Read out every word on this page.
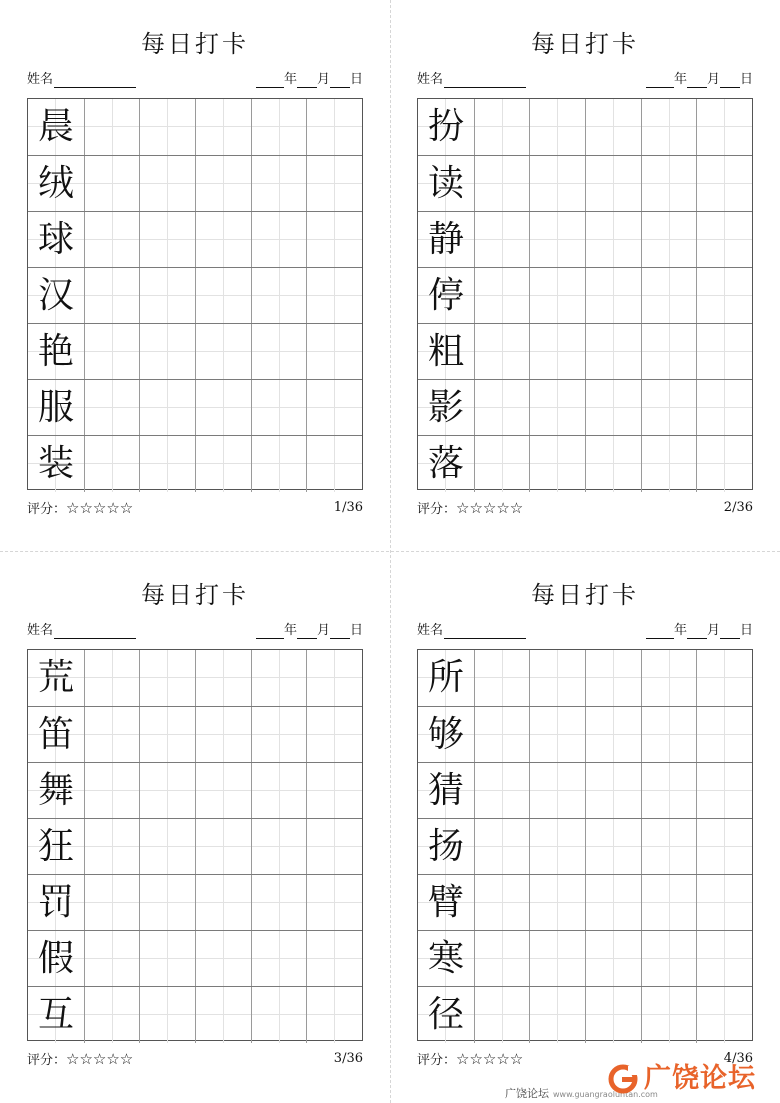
每日打卡
姓名	年 月 日
晨
绒
球
汉
艳
服
装
评分：☆☆☆☆☆	1/36
每日打卡
姓名	年 月 日
扮
读
静
停
粗
影
落
评分：☆☆☆☆☆	2/36
每日打卡
姓名	年 月 日
荒
笛
舞
狂
罚
假
互
评分：☆☆☆☆☆	3/36
每日打卡
姓名	年 月 日
所
够
猜
扬
臂
寒
径
评分：☆☆☆☆☆	4/36
广饶论坛 www.guangraoluntan.com
广饶论坛
